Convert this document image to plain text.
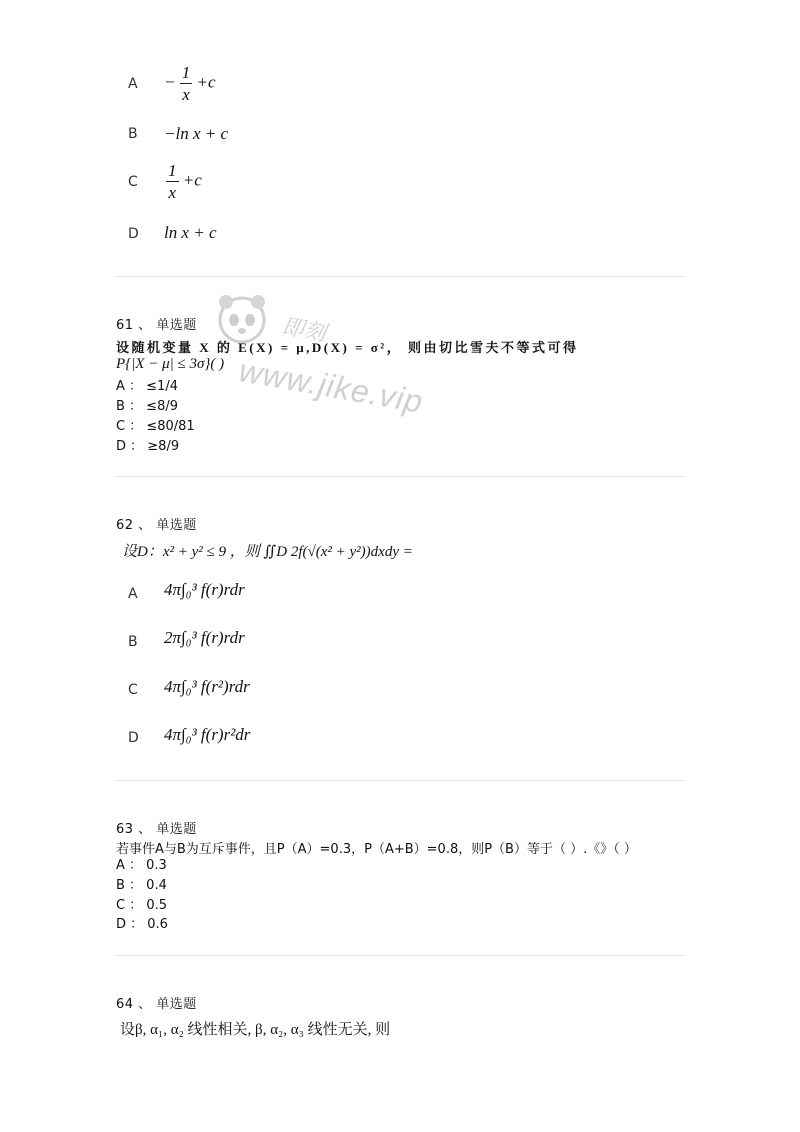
$A - \frac{1}{x} +c$
B −ln x + c
C $\frac{1}{x} +c$
D ln x + c
61 、 单选题
设随机变量 X 的 E(X) = μ,D(X) = σ²， 则由切比雪夫不等式可得
P{|X − μ| ≤ 3σ}( )
A ： ≤1/4
B ： ≤8/9
C ： ≤80/81
D ： ≥8/9
即刻
www.jike.vip
62 、 单选题
设D：x² + y² ≤ 9 ，则 ∬D 2f(√(x² + y²))dxdy =
A 4π∫₀³ f(r)rdr
B 2π∫₀³ f(r)rdr
C 4π∫₀³ f(r²)rdr
D 4π∫₀³ f(r)r²dr
63 、 单选题
若事件A与B为互斥事件，且P（A）=0.3，P（A+B）=0.8，则P（B）等于（ ）.《》（ ）
A ： 0.3
B ： 0.4
C ： 0.5
D ： 0.6
64 、 单选题
设β, α₁, α₂ 线性相关, β, α₂, α₃ 线性无关, 则
